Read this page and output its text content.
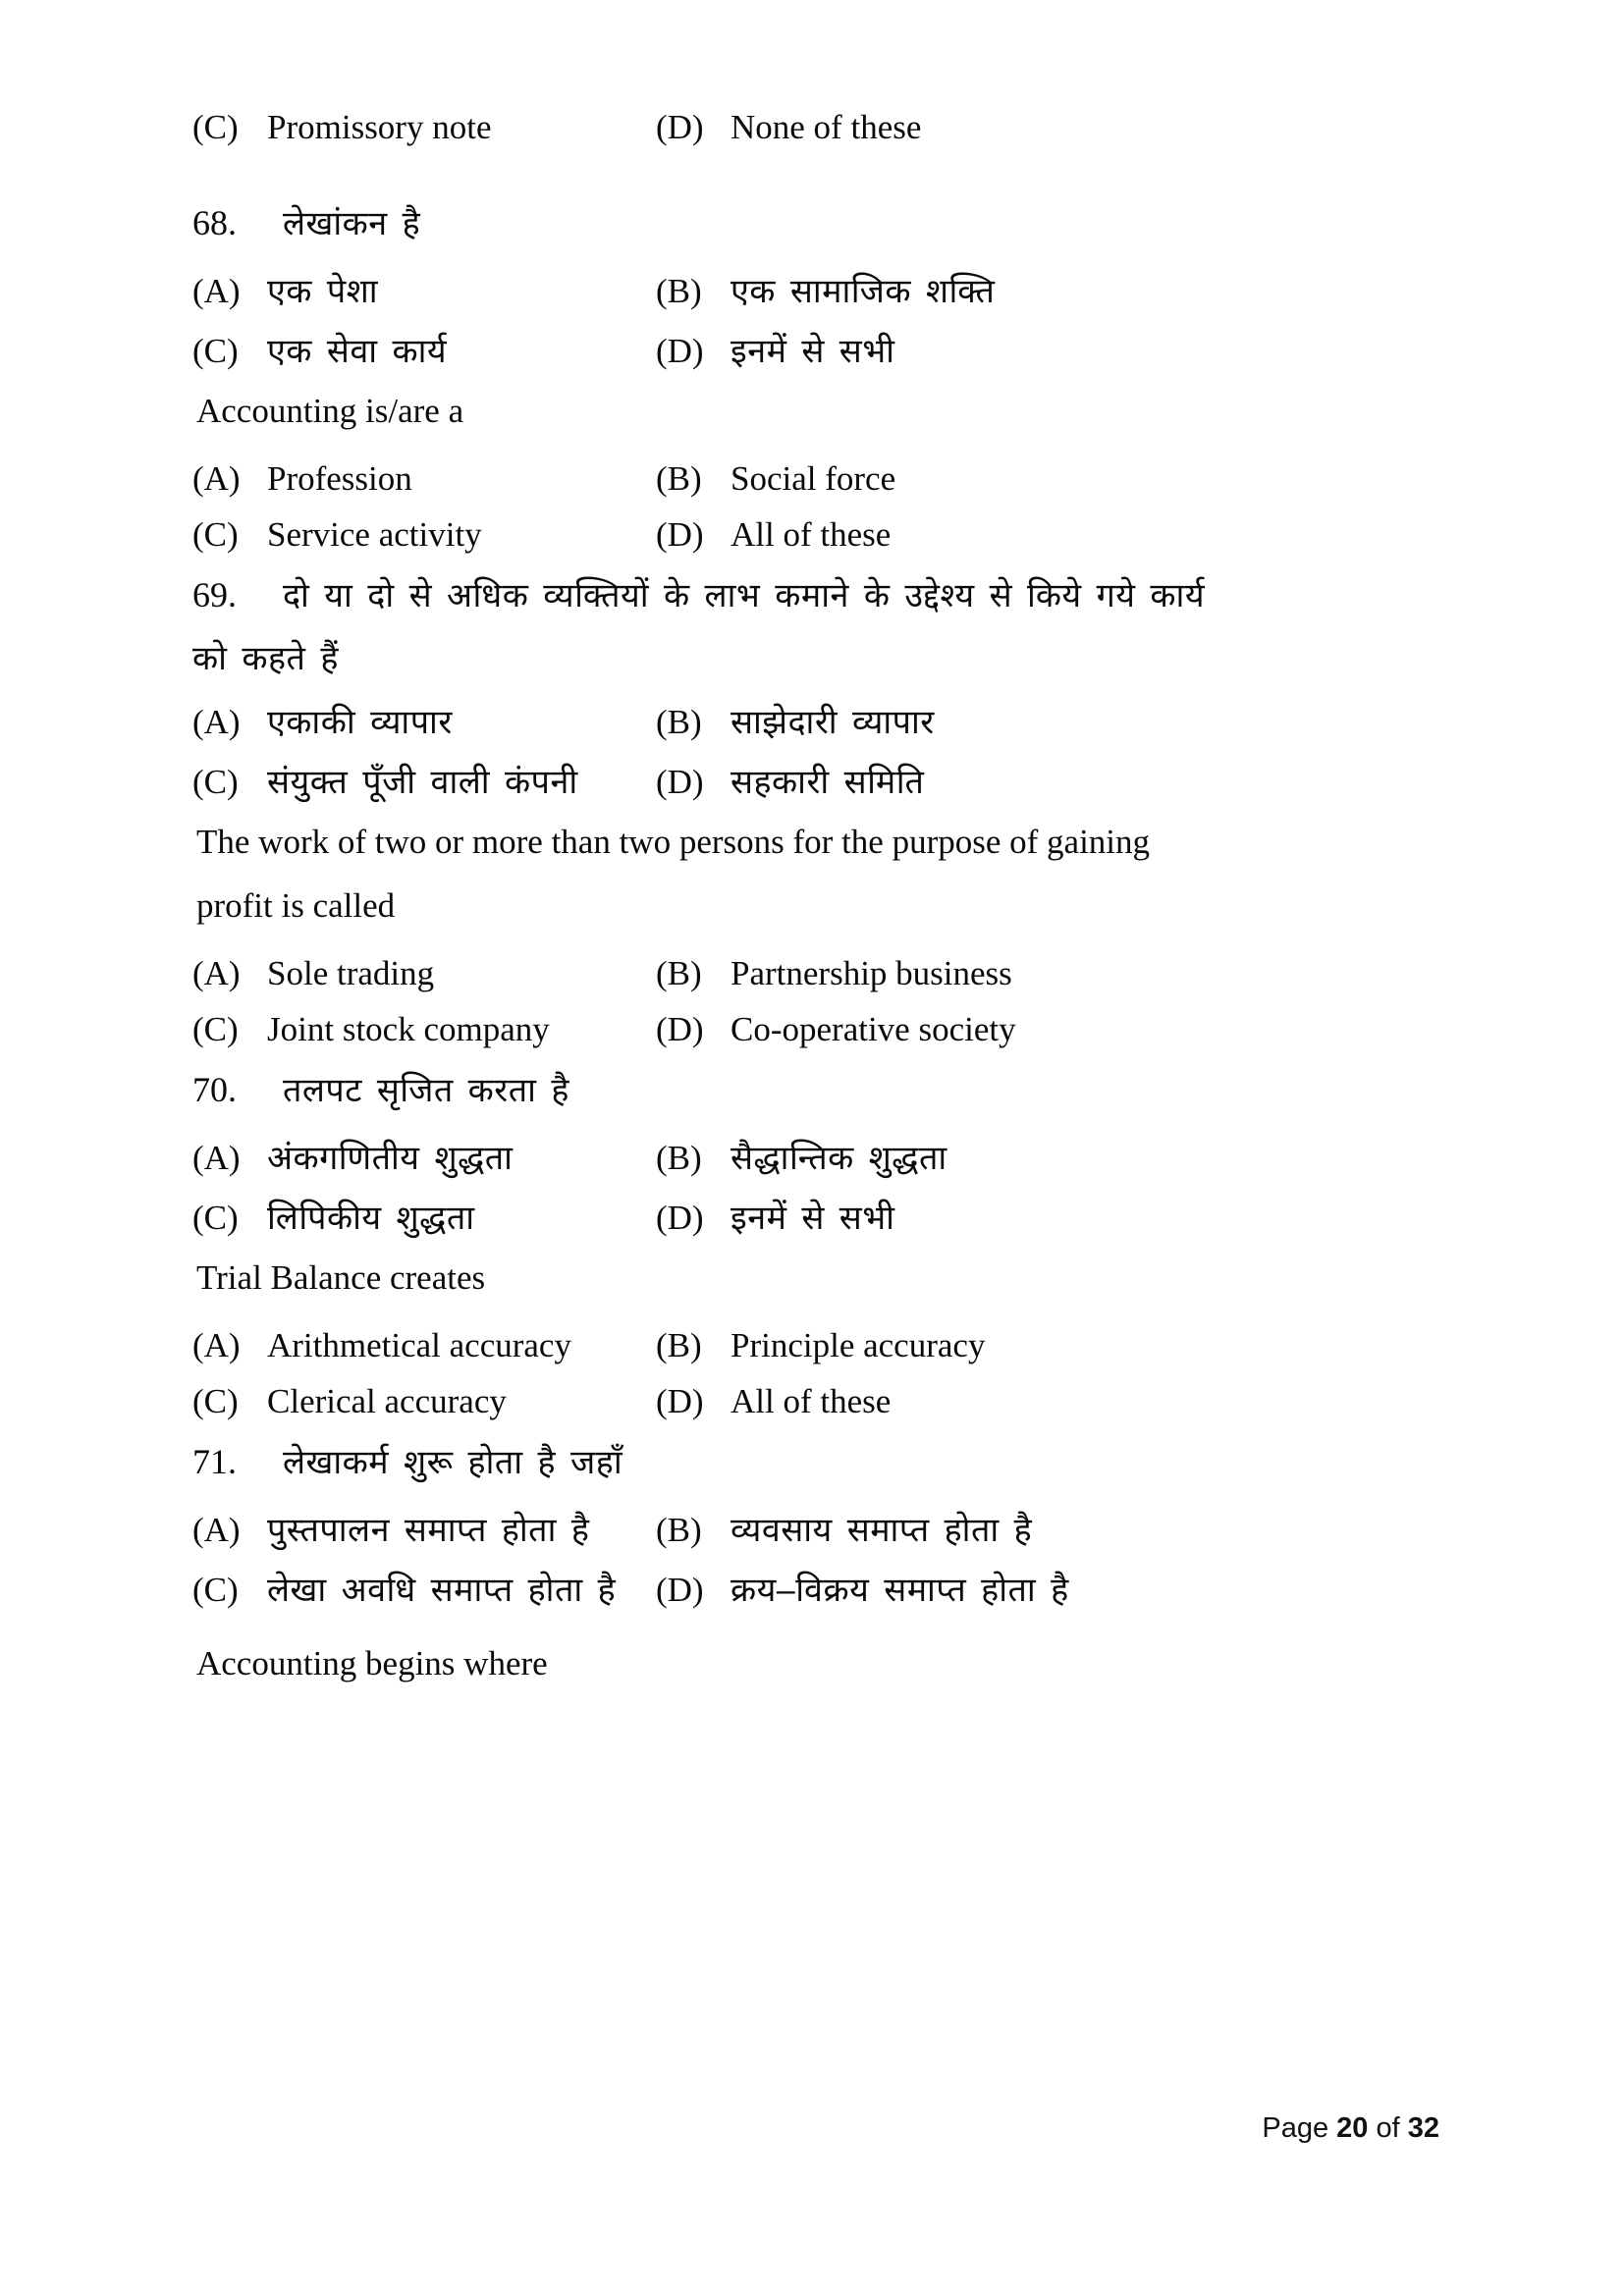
(C) Promissory note	(D) None of these
68.	लेखांकन है
(A) एक पेशा	(B) एक सामाजिक शक्ति
(C) एक सेवा कार्य	(D) इनमें से सभी
Accounting is/are a
(A) Profession	(B) Social force
(C) Service activity	(D) All of these
69.	दो या दो से अधिक व्यक्तियों के लाभ कमाने के उद्देश्य से किये गये कार्य
को कहते हैं
(A) एकाकी व्यापार	(B) साझेदारी व्यापार
(C) संयुक्त पूँजी वाली कंपनी (D) सहकारी समिति
The work of two or more than two persons for the purpose of gaining
profit is called
(A) Sole trading	(B) Partnership business
(C) Joint stock company	(D) Co-operative society
70.	तलपट सृजित करता है
(A) अंकगणितीय शुद्धता	(B) सैद्धान्तिक शुद्धता
(C) लिपिकीय शुद्धता	(D) इनमें से सभी
Trial Balance creates
(A) Arithmetical accuracy (B) Principle accuracy
(C) Clerical accuracy	(D) All of these
71.	लेखाकर्म शुरू होता है जहाँ
(A) पुस्तपालन समाप्त होता है (B) व्यवसाय समाप्त होता है
(C) लेखा अवधि समाप्त होता है (D) क्रय–विक्रय समाप्त होता है
Accounting begins where
Page 20 of 32
